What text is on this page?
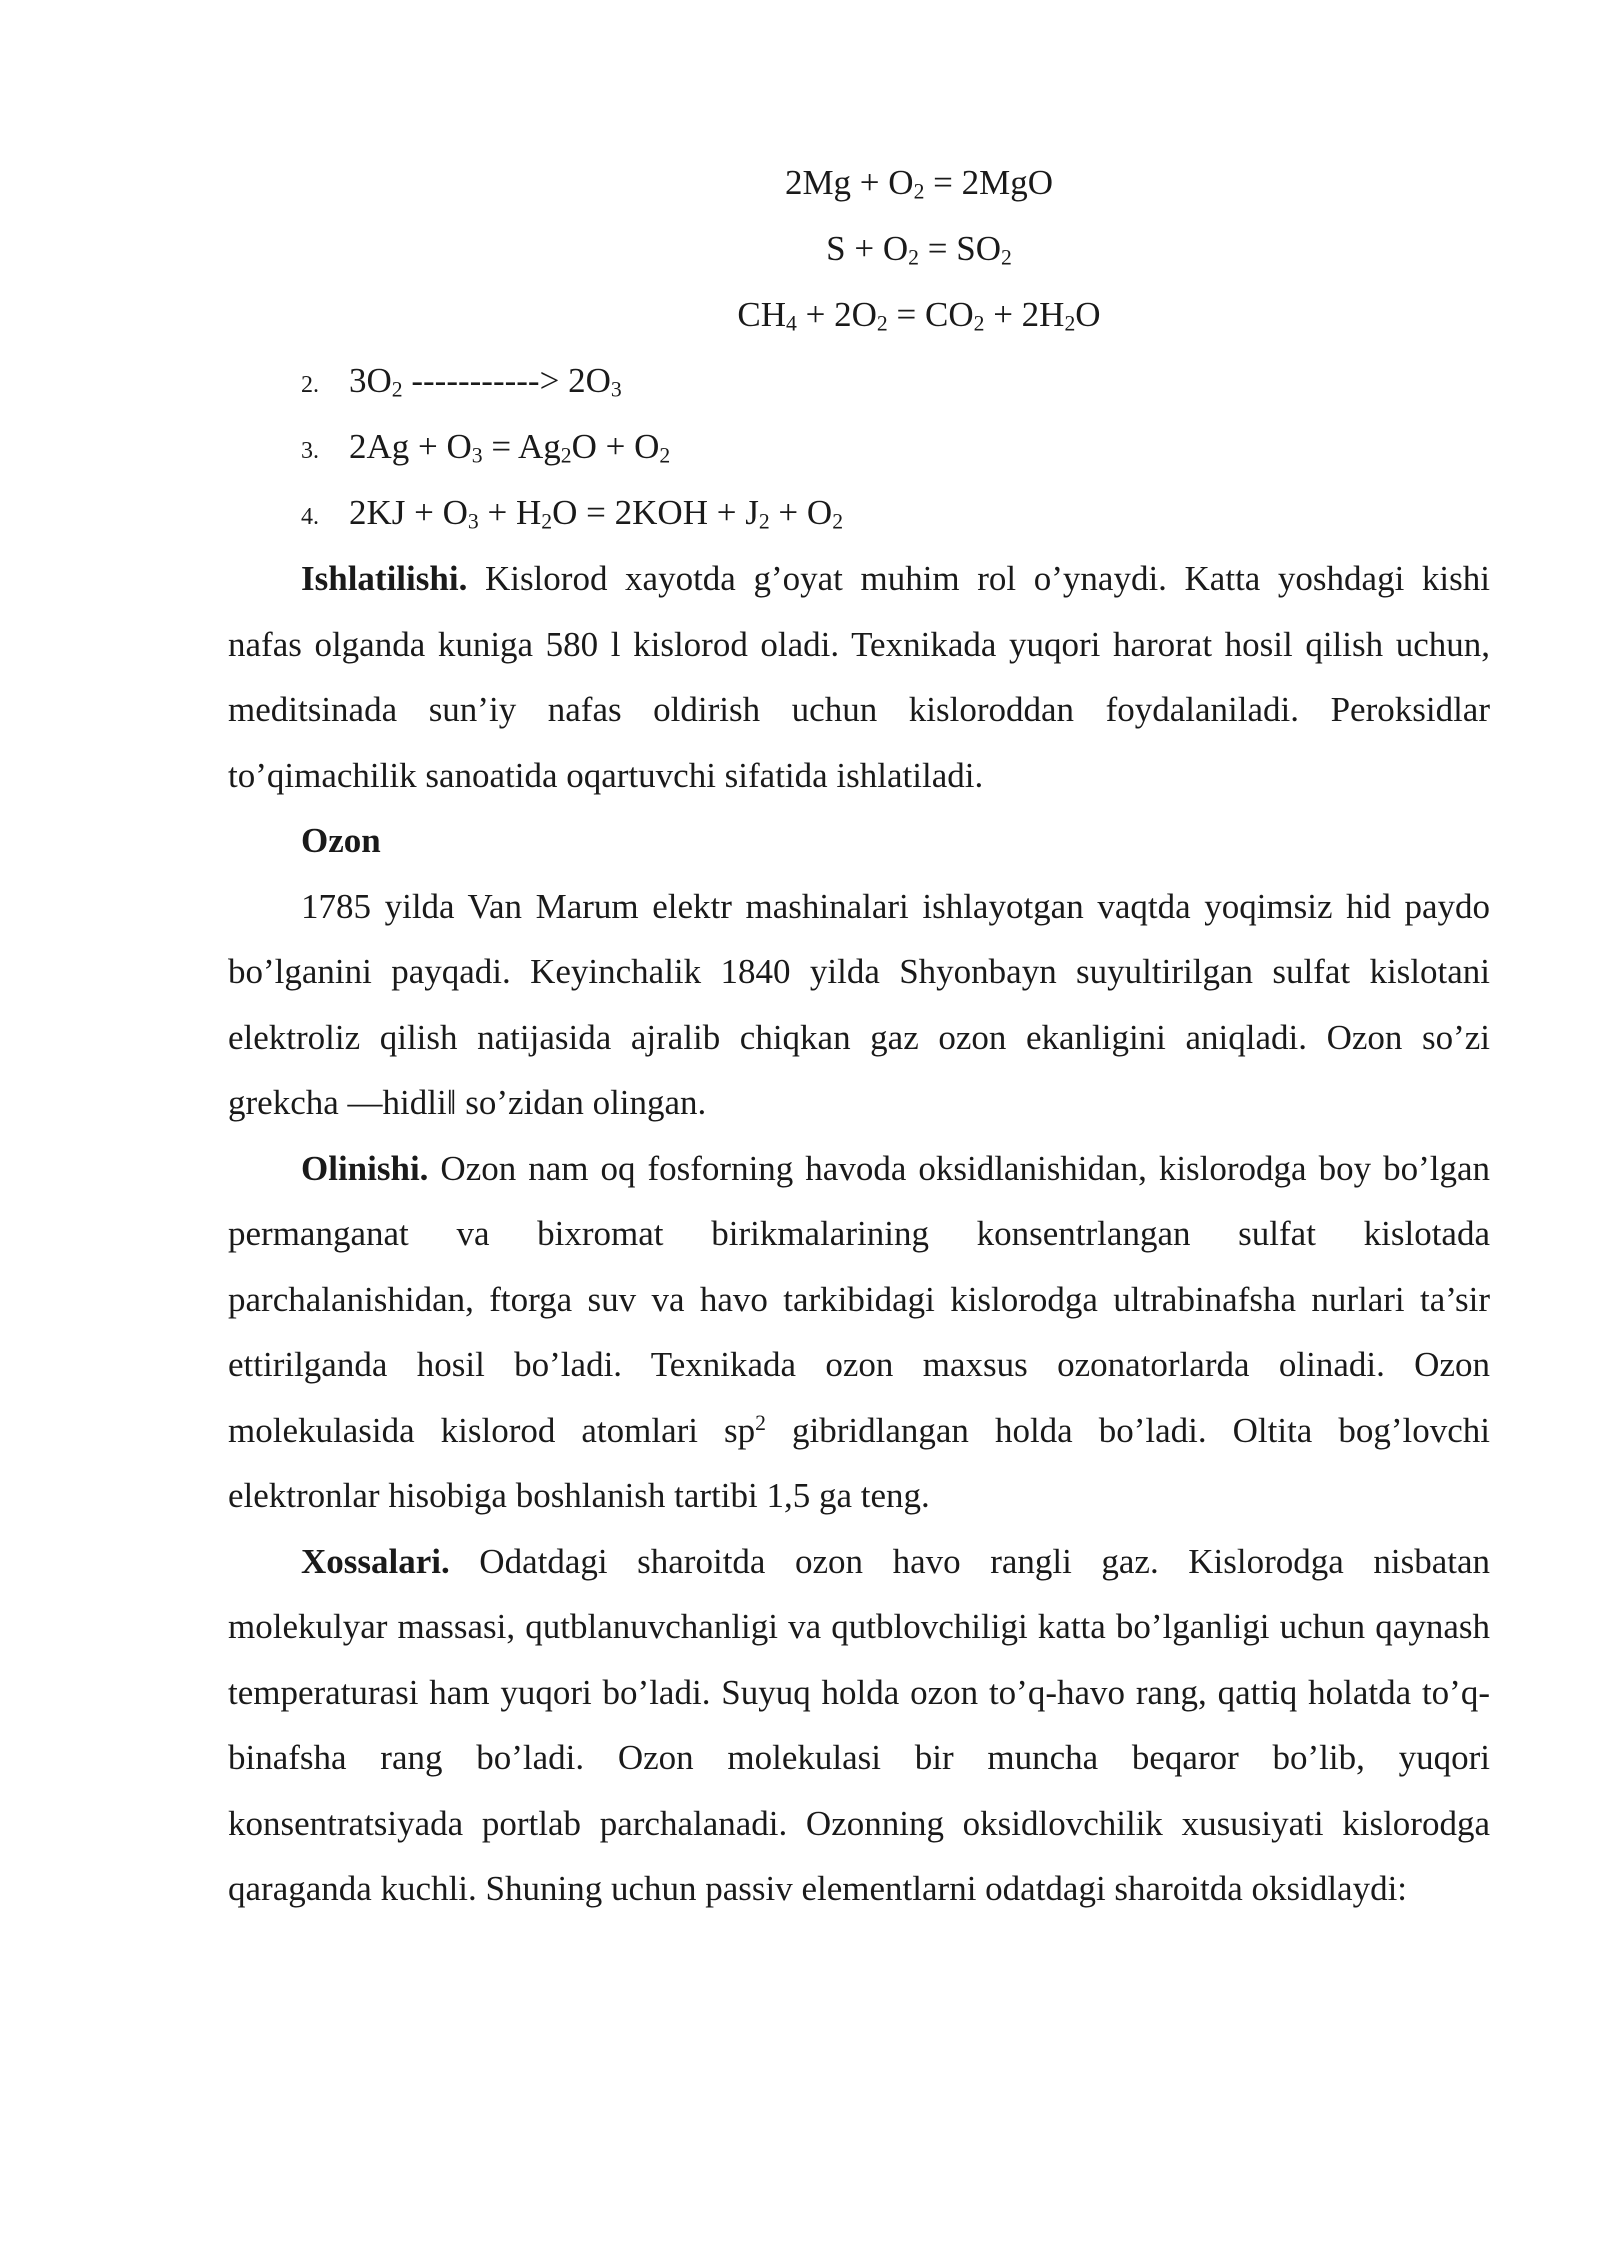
$2Mg + O_2 = 2MgO$
$S + O_2 = SO_2$
$CH_4 + 2O_2 = CO_2 + 2H_2O$
2. $3O_2$ -----------> $2O_3$
3. $2Ag + O_3 = Ag_2O + O_2$
4. $2KJ + O_3 + H_2O = 2KOH + J_2 + O_2$

Ishlatilishi. Kislorod xayotda g’oyat muhim rol o’ynaydi. Katta yoshdagi kishi nafas olganda kuniga 580 l kislorod oladi. Texnikada yuqori harorat hosil qilish uchun, meditsinada sun’iy nafas oldirish uchun kisloroddan foydalaniladi. Peroksidlar to’qimachilik sanoatida oqartuvchi sifatida ishlatiladi.

Ozon

1785 yilda Van Marum elektr mashinalari ishlayotgan vaqtda yoqimsiz hid paydo bo’lganini payqadi. Keyinchalik 1840 yilda Shyonbayn suyultirilgan sulfat kislotani elektroliz qilish natijasida ajralib chiqkan gaz ozon ekanligini aniqladi. Ozon so’zi grekcha ―hidli‖ so’zidan olingan.

Olinishi. Ozon nam oq fosforning havoda oksidlanishidan, kislorodga boy bo’lgan permanganat va bixromat birikmalarining konsentrlangan sulfat kislotada parchalanishidan, ftorga suv va havo tarkibidagi kislorodga ultrabinafsha nurlari ta’sir ettirilganda hosil bo’ladi. Texnikada ozon maxsus ozonatorlarda olinadi. Ozon molekulasida kislorod atomlari $sp^2$ gibridlangan holda bo’ladi. Oltita bog’lovchi elektronlar hisobiga boshlanish tartibi 1,5 ga teng.

Xossalari. Odatdagi sharoitda ozon havo rangli gaz. Kislorodga nisbatan molekulyar massasi, qutblanuvchanligi va qutblovchiligi katta bo’lganligi uchun qaynash temperaturasi ham yuqori bo’ladi. Suyuq holda ozon to’q-havo rang, qattiq holatda to’q-binafsha rang bo’ladi. Ozon molekulasi bir muncha beqaror bo’lib, yuqori konsentratsiyada portlab parchalanadi. Ozonning oksidlovchilik xususiyati kislorodga qaraganda kuchli. Shuning uchun passiv elementlarni odatdagi sharoitda oksidlaydi:
